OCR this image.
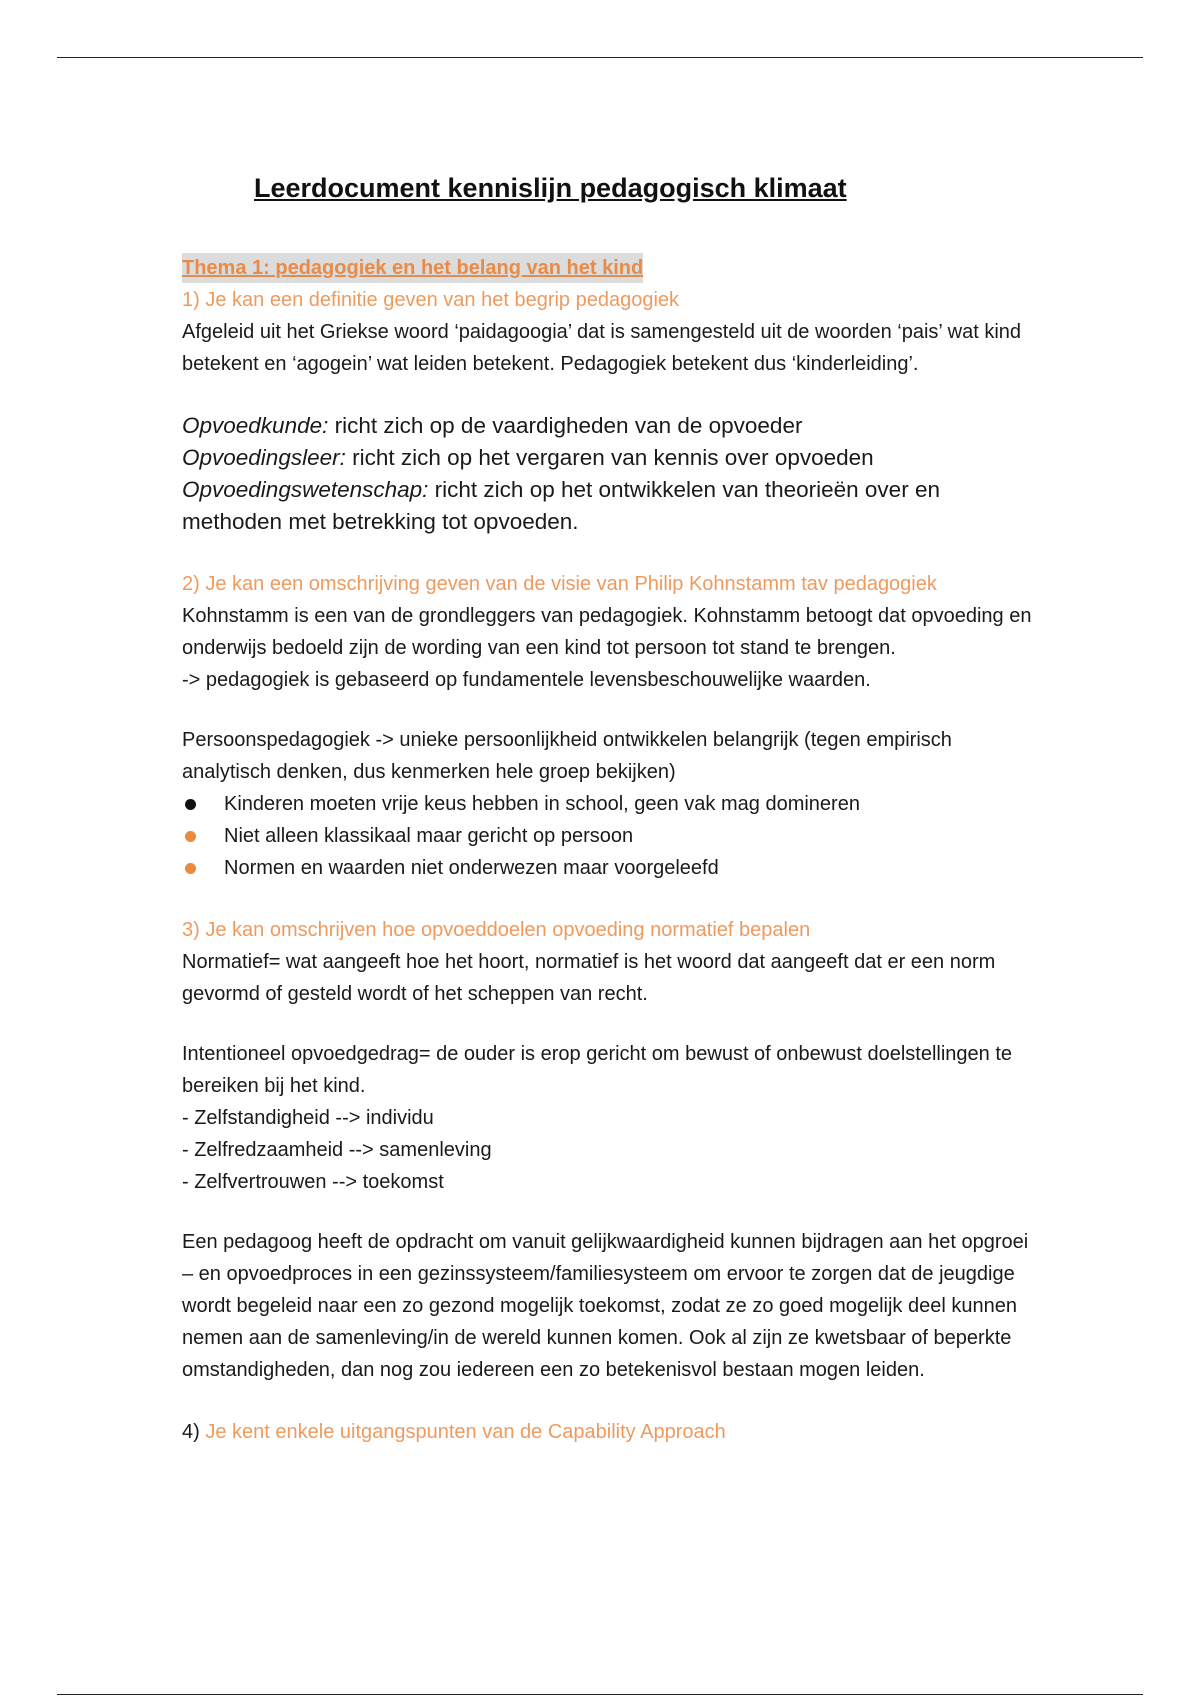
Leerdocument kennislijn pedagogisch klimaat

Thema 1: pedagogiek en het belang van het kind

1) Je kan een definitie geven van het begrip pedagogiek

Afgeleid uit het Griekse woord ‘paidagoogia’ dat is samengesteld uit de woorden ‘pais’ wat kind betekent en ‘agogein’ wat leiden betekent. Pedagogiek betekent dus ‘kinderleiding’.

Opvoedkunde: richt zich op de vaardigheden van de opvoeder

Opvoedingsleer: richt zich op het vergaren van kennis over opvoeden

Opvoedingswetenschap: richt zich op het ontwikkelen van theorieën over en methoden met betrekking tot opvoeden.

2) Je kan een omschrijving geven van de visie van Philip Kohnstamm tav pedagogiek

Kohnstamm is een van de grondleggers van pedagogiek. Kohnstamm betoogt dat opvoeding en onderwijs bedoeld zijn de wording van een kind tot persoon tot stand te brengen.

-> pedagogiek is gebaseerd op fundamentele levensbeschouwelijke waarden.

Persoonspedagogiek -> unieke persoonlijkheid ontwikkelen belangrijk (tegen empirisch analytisch denken, dus kenmerken hele groep bekijken)

Kinderen moeten vrije keus hebben in school, geen vak mag domineren
Niet alleen klassikaal maar gericht op persoon
Normen en waarden niet onderwezen maar voorgeleefd

3) Je kan omschrijven hoe opvoeddoelen opvoeding normatief bepalen

Normatief= wat aangeeft hoe het hoort, normatief is het woord dat aangeeft dat er een norm gevormd of gesteld wordt of het scheppen van recht.

Intentioneel opvoedgedrag= de ouder is erop gericht om bewust of onbewust doelstellingen te bereiken bij het kind.

- Zelfstandigheid --> individu

- Zelfredzaamheid --> samenleving

- Zelfvertrouwen --> toekomst

Een pedagoog heeft de opdracht om vanuit gelijkwaardigheid kunnen bijdragen aan het opgroei – en opvoedproces in een gezinssysteem/familiesysteem om ervoor te zorgen dat de jeugdige wordt begeleid naar een zo gezond mogelijk toekomst, zodat ze zo goed mogelijk deel kunnen nemen aan de samenleving/in de wereld kunnen komen. Ook al zijn ze kwetsbaar of beperkte omstandigheden, dan nog zou iedereen een zo betekenisvol bestaan mogen leiden.

4) Je kent enkele uitgangspunten van de Capability Approach
